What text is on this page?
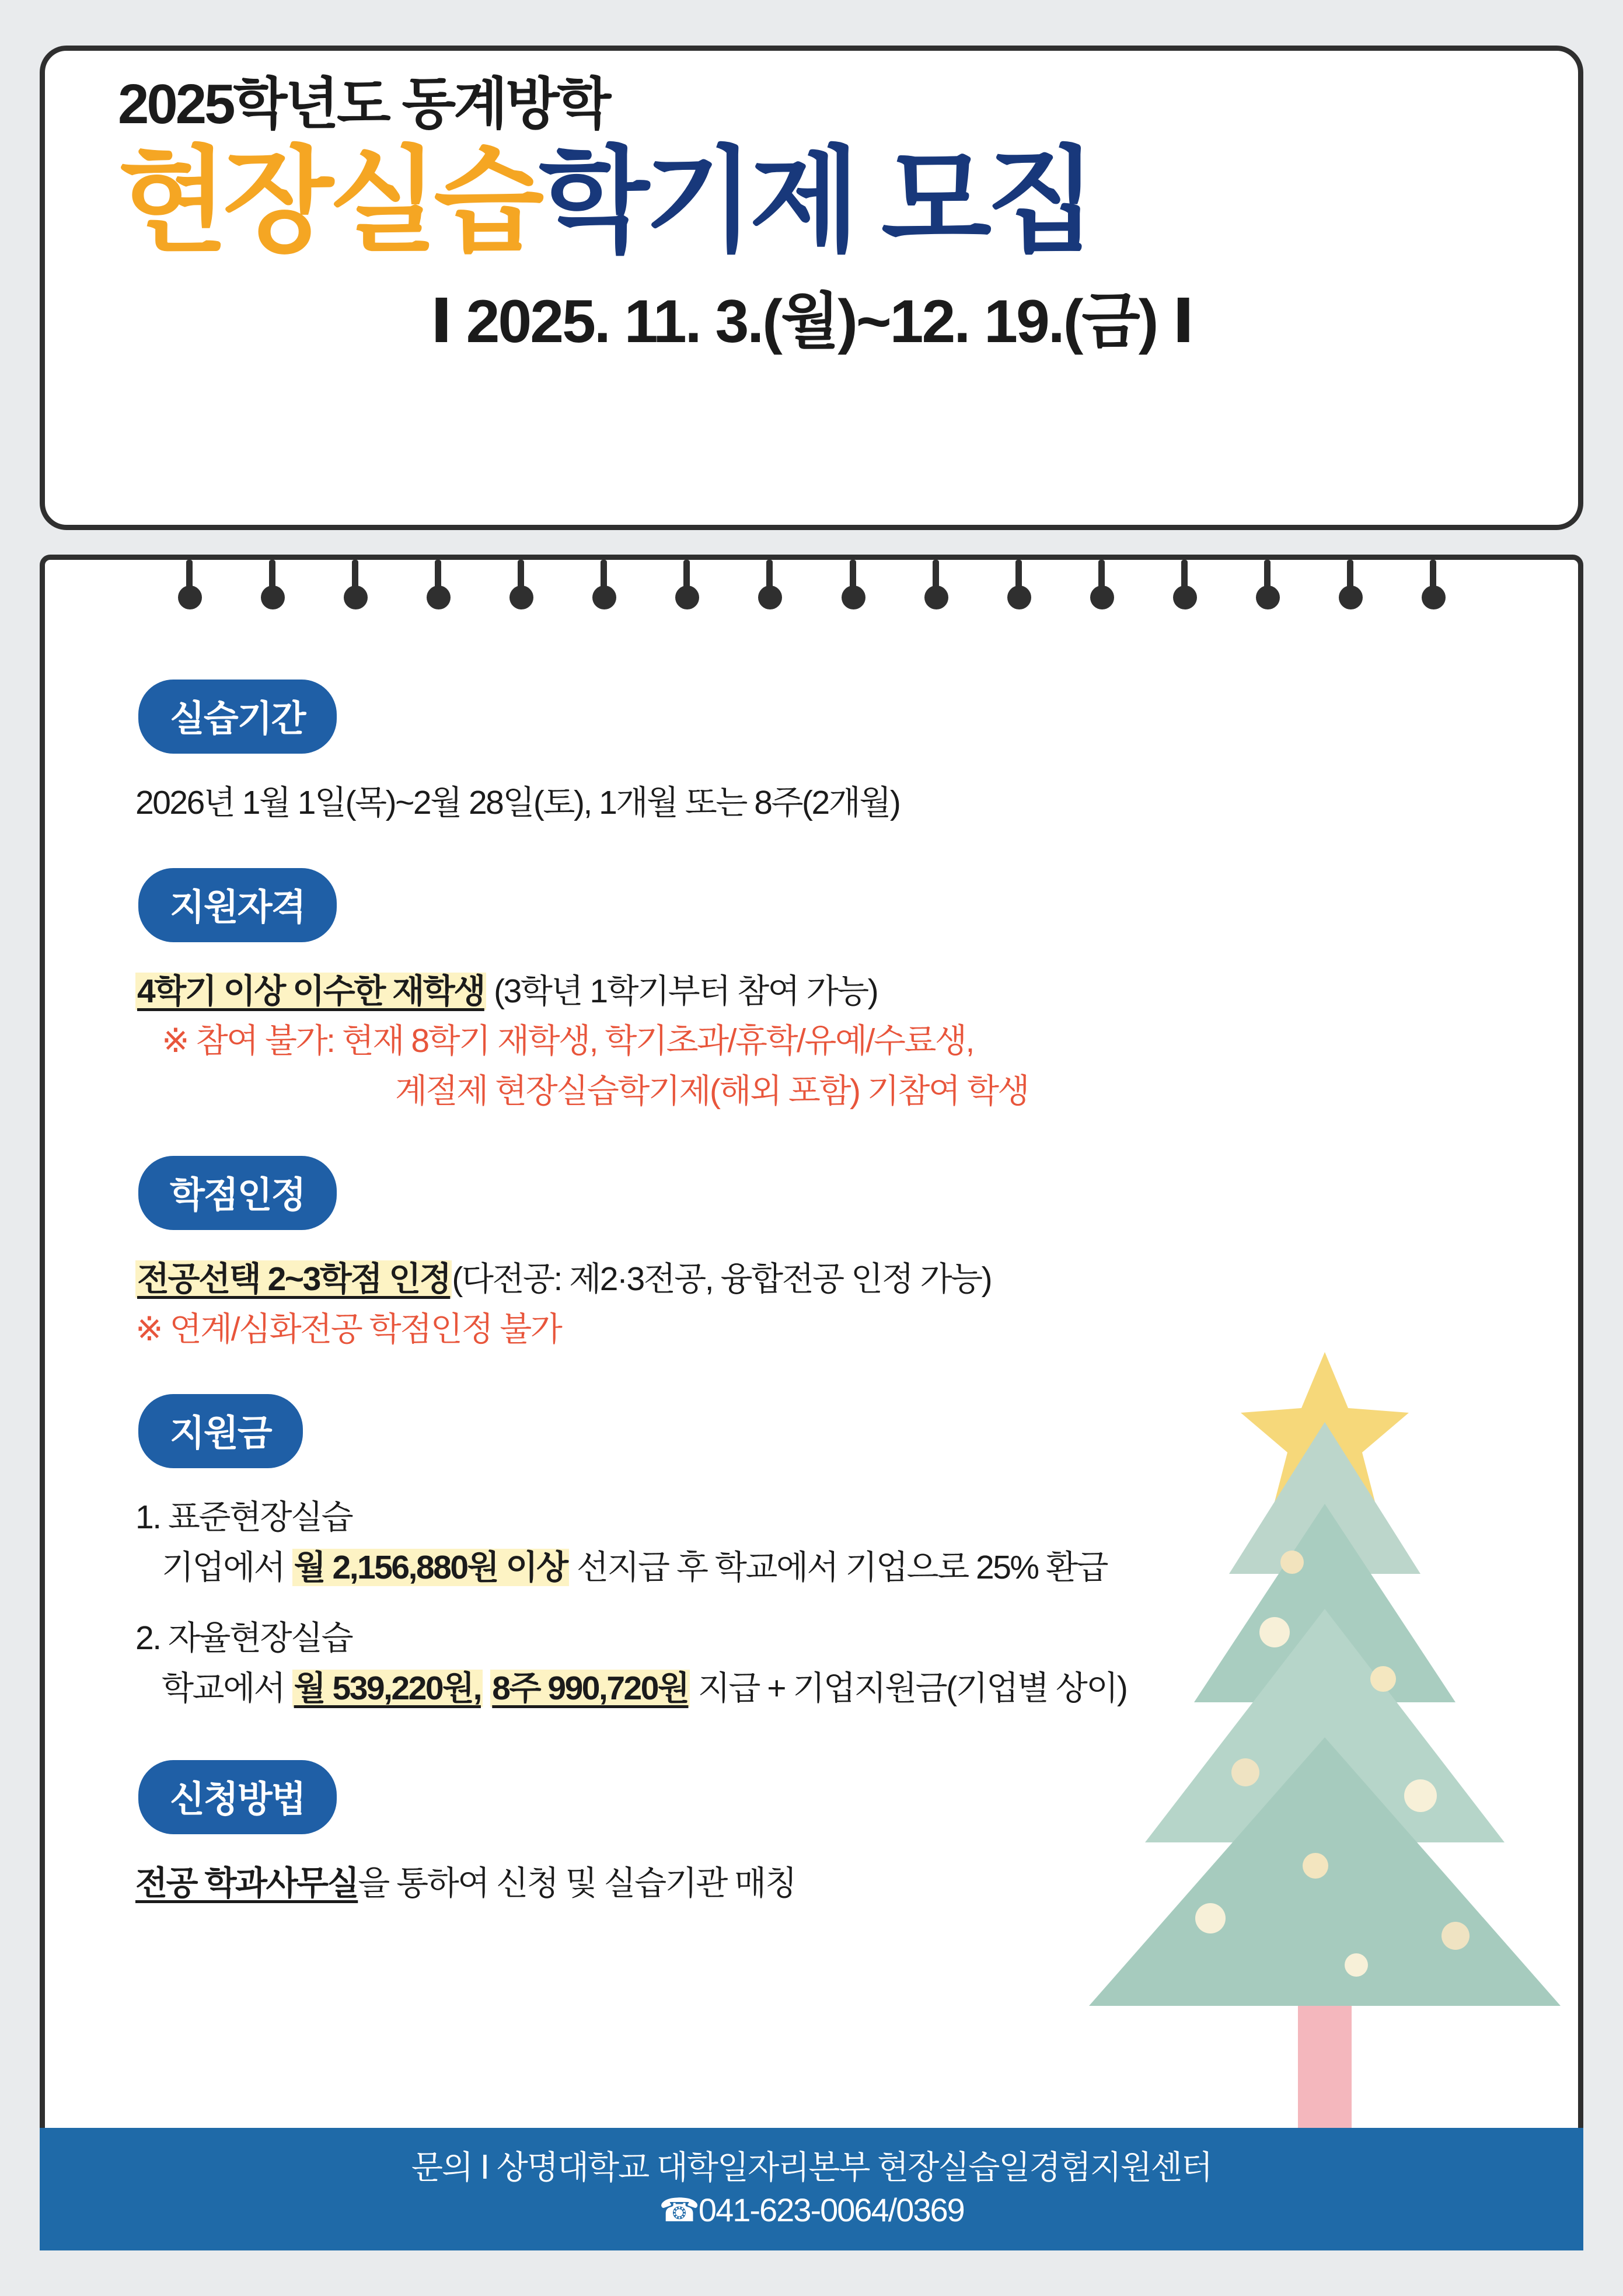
2025학년도 동계방학

현장실습학기제 모집

Ⅰ 2025. 11. 3.(월)~12. 19.(금) Ⅰ

실습기간

2026년 1월 1일(목)~2월 28일(토), 1개월 또는 8주(2개월)

지원자격

4학기 이상 이수한 재학생 (3학년 1학기부터 참여 가능)

※ 참여 불가: 현재 8학기 재학생, 학기초과/휴학/유예/수료생,

계절제 현장실습학기제(해외 포함) 기참여 학생

학점인정

전공선택 2~3학점 인정(다전공: 제2·3전공, 융합전공 인정 가능)

※ 연계/심화전공 학점인정 불가

지원금

1. 표준현장실습

기업에서 월 2,156,880원 이상 선지급 후 학교에서 기업으로 25% 환급

2. 자율현장실습

학교에서 월 539,220원, 8주 990,720원 지급 + 기업지원금(기업별 상이)

신청방법

전공 학과사무실을 통하여 신청 및 실습기관 매칭

문의 Ⅰ 상명대학교 대학일자리본부 현장실습일경험지원센터
☎041-623-0064/0369
